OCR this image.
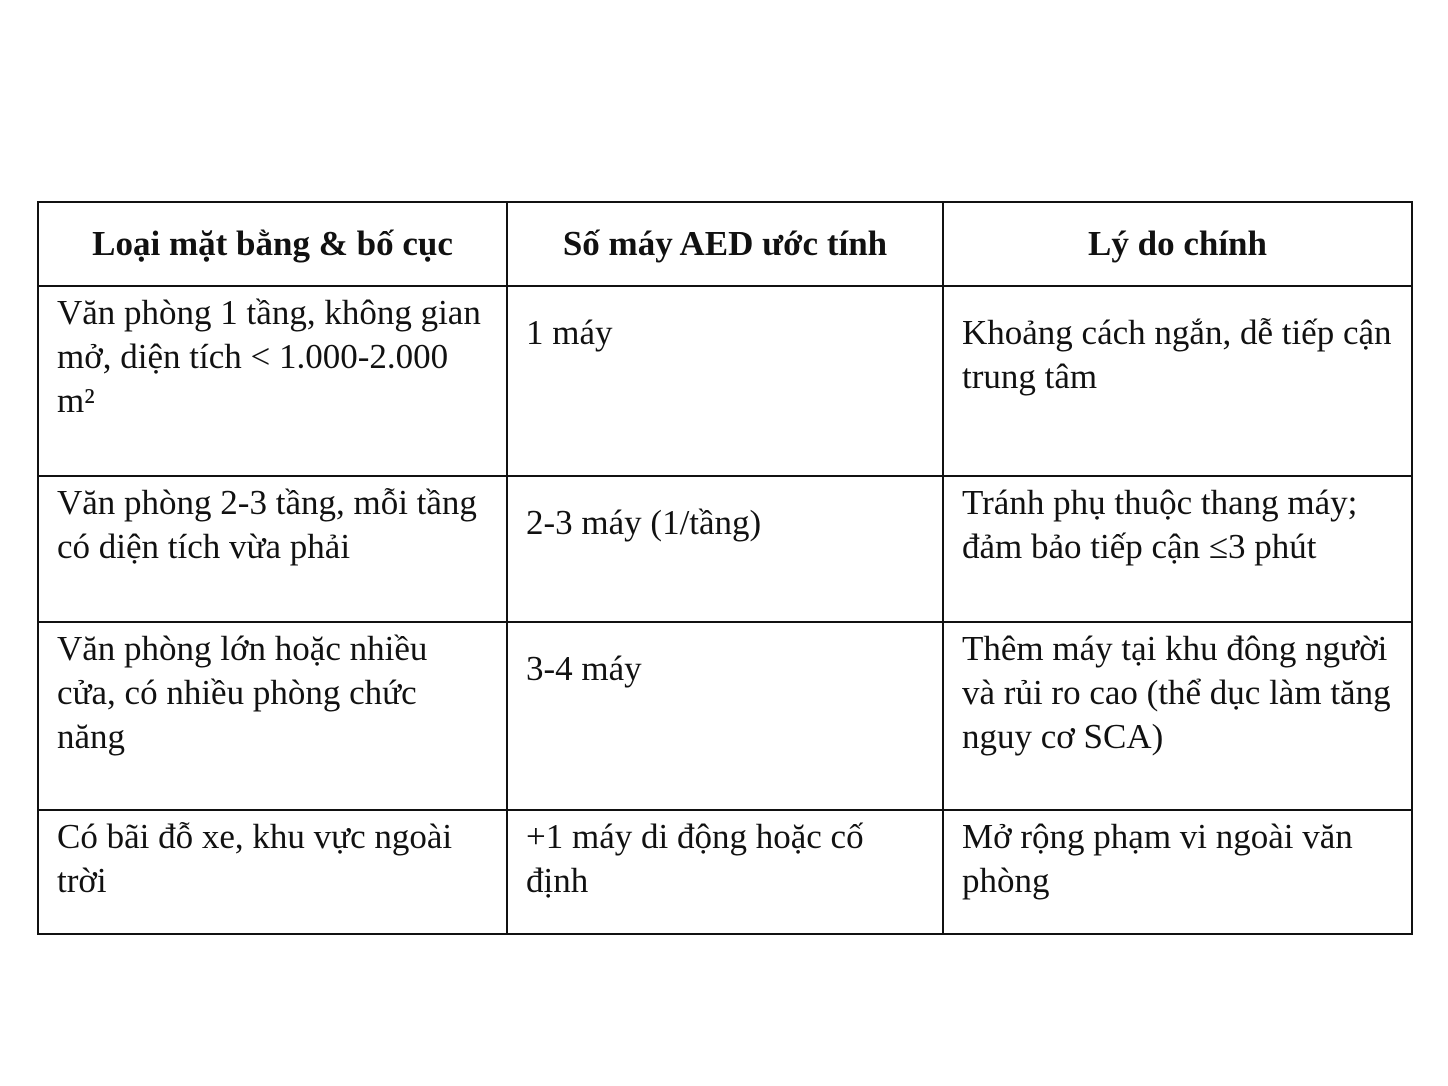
Loại mặt bằng & bố cục	Số máy AED ước tính	Lý do chính
Văn phòng 1 tầng, không gian mở, diện tích < 1.000-2.000 m²	1 máy	Khoảng cách ngắn, dễ tiếp cận trung tâm
Văn phòng 2-3 tầng, mỗi tầng có diện tích vừa phải	2-3 máy (1/tầng)	Tránh phụ thuộc thang máy; đảm bảo tiếp cận ≤3 phút
Văn phòng lớn hoặc nhiều cửa, có nhiều phòng chức năng	3-4 máy	Thêm máy tại khu đông người và rủi ro cao (thể dục làm tăng nguy cơ SCA)
Có bãi đỗ xe, khu vực ngoài trời	+1 máy di động hoặc cố định	Mở rộng phạm vi ngoài văn phòng
